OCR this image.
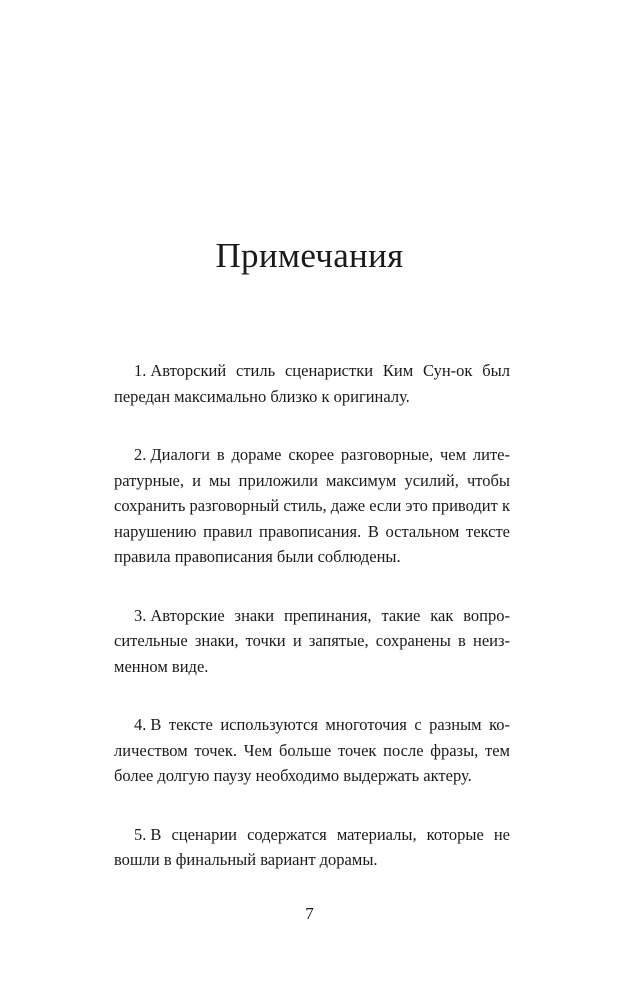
Примечания
1. Авторский стиль сценаристки Ким Сун-ок был передан максимально близко к оригиналу.
2. Диалоги в дораме скорее разговорные, чем литературные, и мы приложили максимум усилий, чтобы сохранить разговорный стиль, даже если это приводит к нарушению правил правописания. В остальном тексте правила правописания были соблюдены.
3. Авторские знаки препинания, такие как вопросительные знаки, точки и запятые, сохранены в неизменном виде.
4. В тексте используются многоточия с разным количеством точек. Чем больше точек после фразы, тем более долгую паузу необходимо выдержать актеру.
5. В сценарии содержатся материалы, которые не вошли в финальный вариант дорамы.
7
